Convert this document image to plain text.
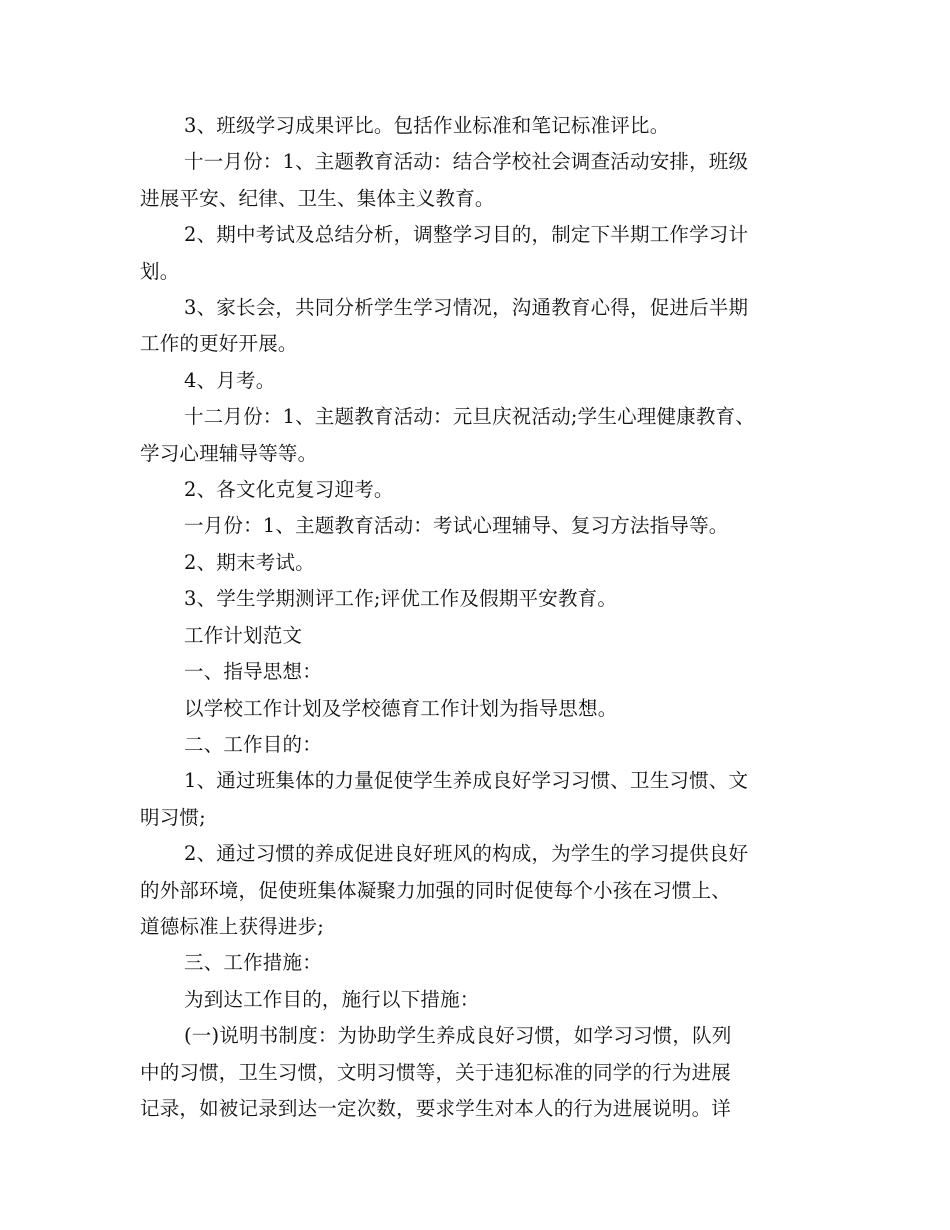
3、班级学习成果评比。包括作业标准和笔记标准评比。

十一月份：1、主题教育活动：结合学校社会调查活动安排，班级

进展平安、纪律、卫生、集体主义教育。

2、期中考试及总结分析，调整学习目的，制定下半期工作学习计

划。

3、家长会，共同分析学生学习情况，沟通教育心得，促进后半期

工作的更好开展。

4、月考。

十二月份：1、主题教育活动：元旦庆祝活动;学生心理健康教育、

学习心理辅导等等。

2、各文化克复习迎考。

一月份：1、主题教育活动：考试心理辅导、复习方法指导等。

2、期末考试。

3、学生学期测评工作;评优工作及假期平安教育。

工作计划范文

一、指导思想：

以学校工作计划及学校德育工作计划为指导思想。

二、工作目的：

1、通过班集体的力量促使学生养成良好学习习惯、卫生习惯、文

明习惯;

2、通过习惯的养成促进良好班风的构成，为学生的学习提供良好

的外部环境，促使班集体凝聚力加强的同时促使每个小孩在习惯上、

道德标准上获得进步;

三、工作措施：

为到达工作目的，施行以下措施：

(一)说明书制度：为协助学生养成良好习惯，如学习习惯，队列

中的习惯，卫生习惯，文明习惯等，关于违犯标准的同学的行为进展

记录，如被记录到达一定次数，要求学生对本人的行为进展说明。详
